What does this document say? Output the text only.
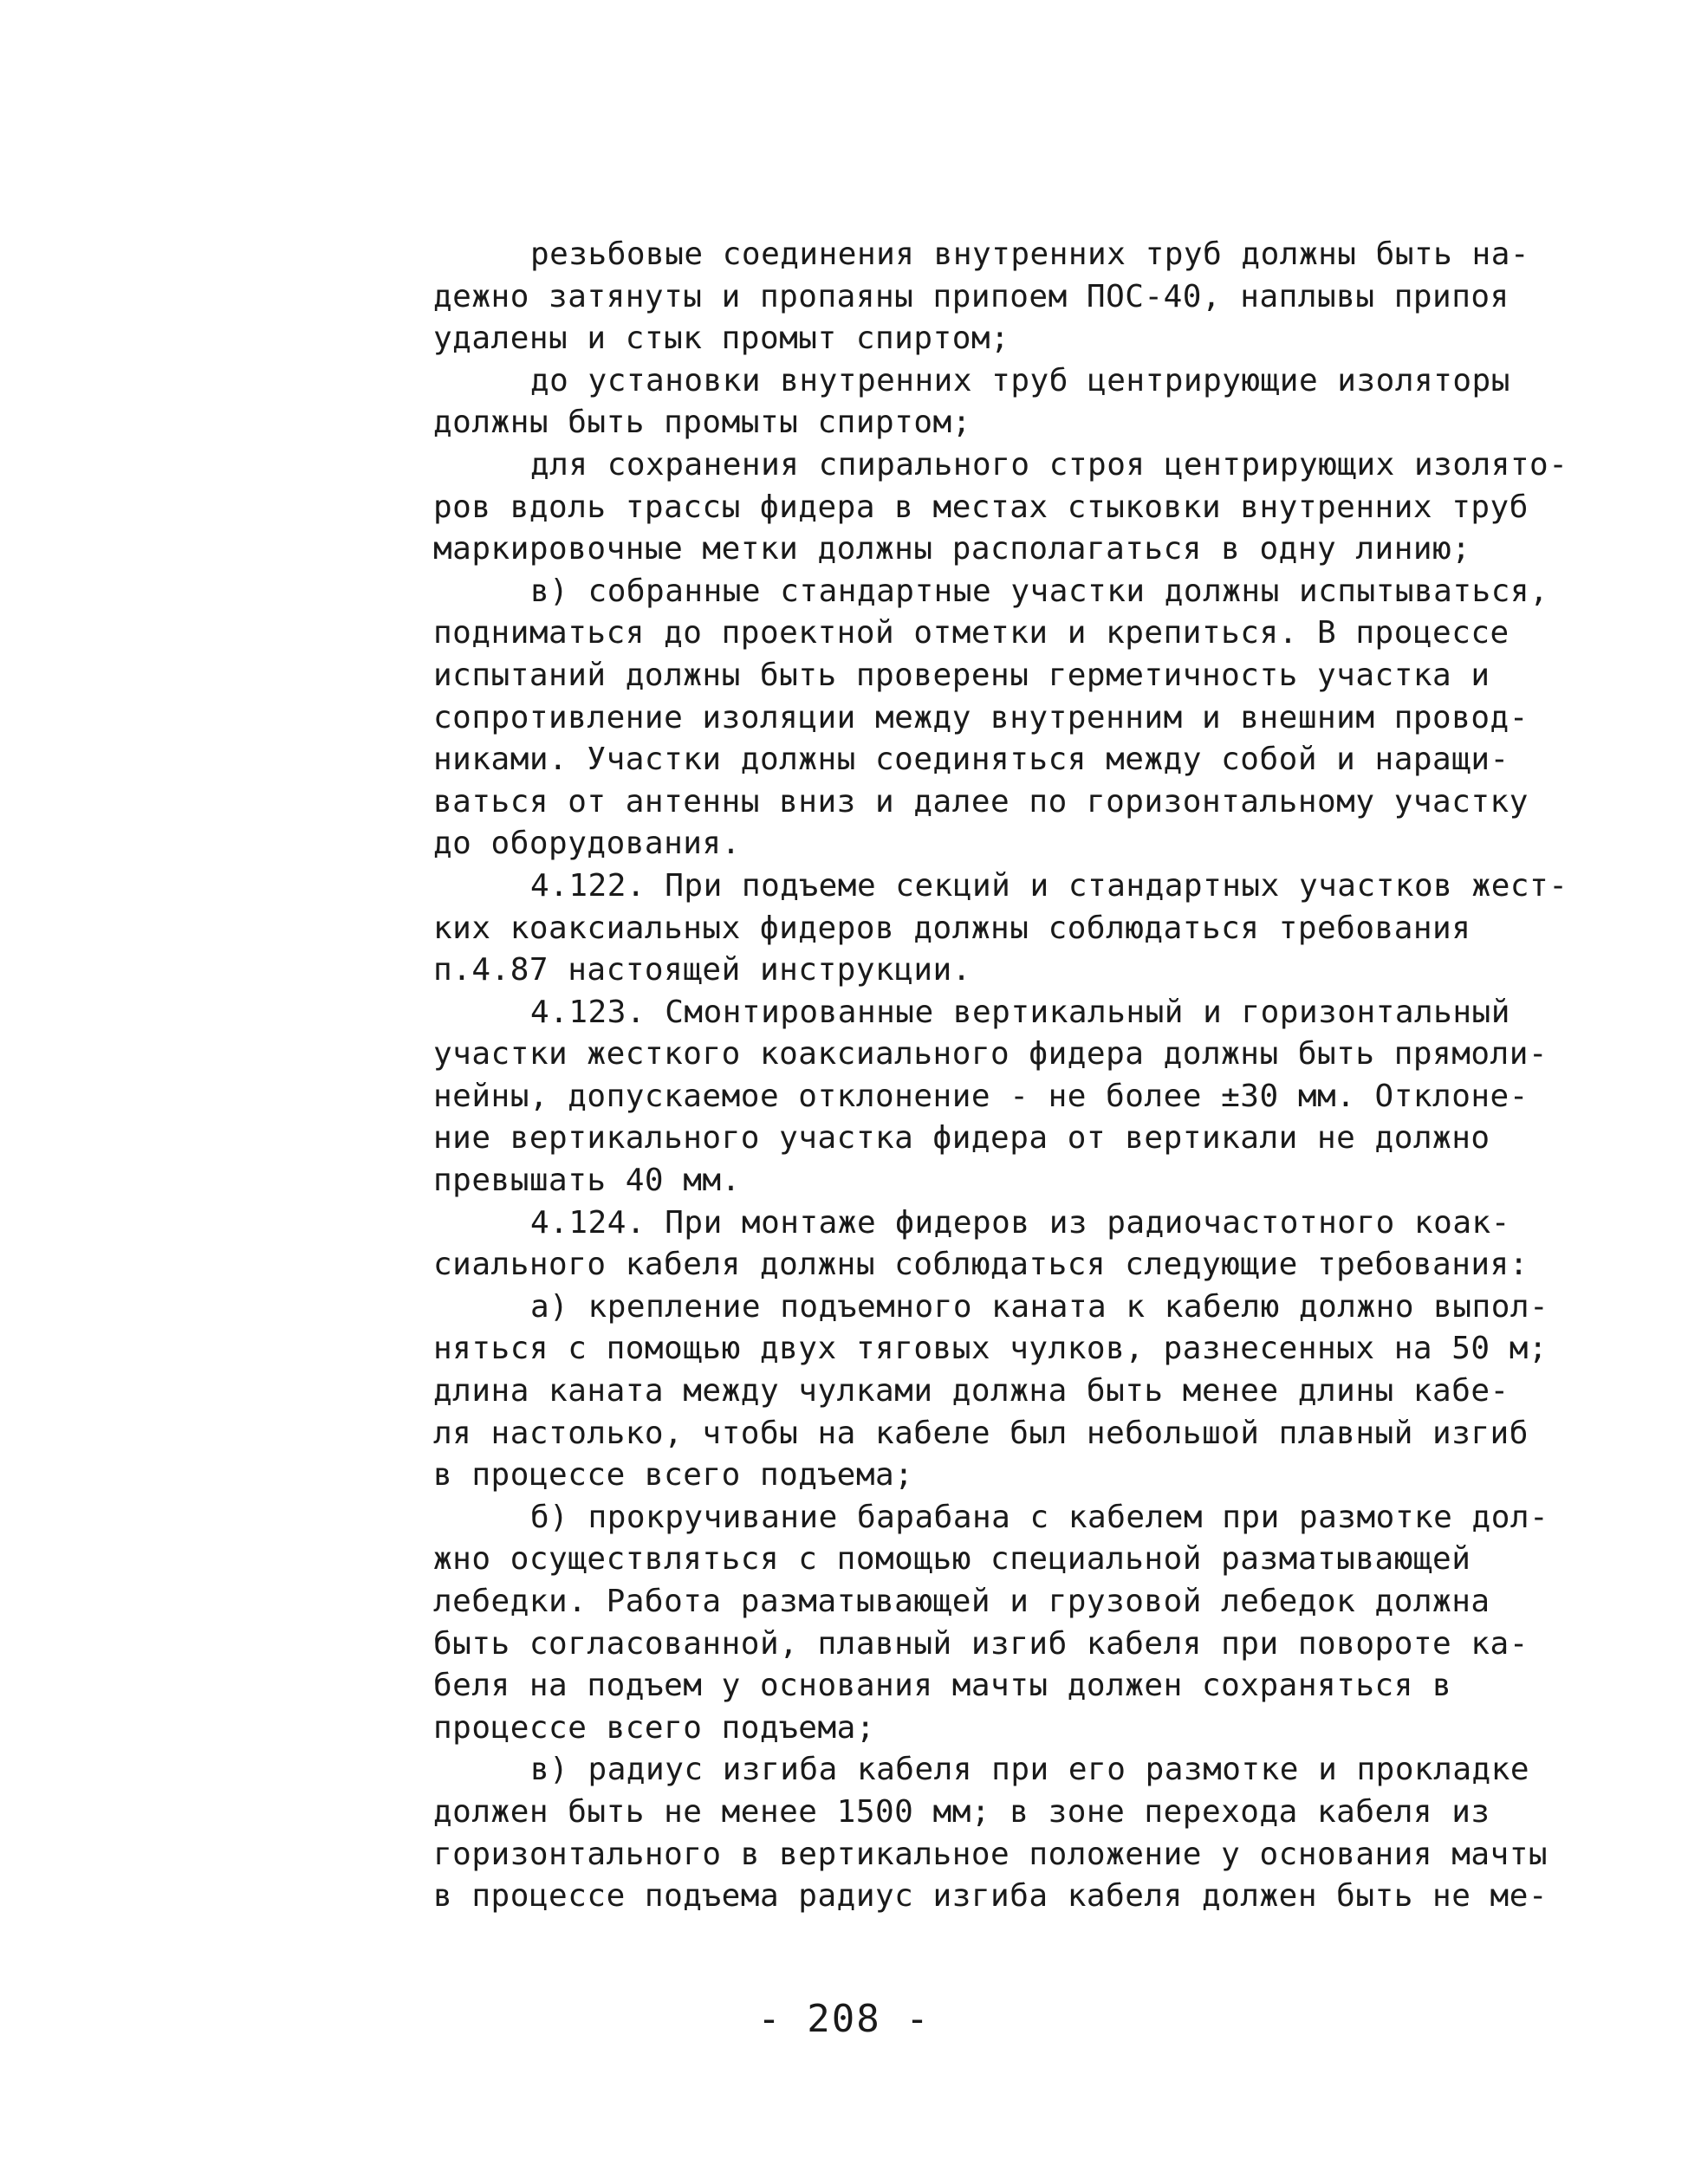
резьбовые соединения внутренних труб должны быть на-
дежно затянуты и пропаяны припоем ПОС-40, наплывы припоя
удалены и стык промыт спиртом;
до установки внутренних труб центрирующие изоляторы
должны быть промыты спиртом;
для сохранения спирального строя центрирующих изолято-
ров вдоль трассы фидера в местах стыковки внутренних труб
маркировочные метки должны располагаться в одну линию;
в) собранные стандартные участки должны испытываться,
подниматься до проектной отметки и крепиться. В процессе
испытаний должны быть проверены герметичность участка и
сопротивление изоляции между внутренним и внешним провод-
никами. Участки должны соединяться между собой и наращи-
ваться от антенны вниз и далее по горизонтальному участку
до оборудования.
4.122. При подъеме секций и стандартных участков жест-
ких коаксиальных фидеров должны соблюдаться требования
п.4.87 настоящей инструкции.
4.123. Смонтированные вертикальный и горизонтальный
участки жесткого коаксиального фидера должны быть прямоли-
нейны, допускаемое отклонение - не более ±30 мм. Отклоне-
ние вертикального участка фидера от вертикали не должно
превышать 40 мм.
4.124. При монтаже фидеров из радиочастотного коак-
сиального кабеля должны соблюдаться следующие требования:
а) крепление подъемного каната к кабелю должно выпол-
няться с помощью двух тяговых чулков, разнесенных на 50 м;
длина каната между чулками должна быть менее длины кабе-
ля настолько, чтобы на кабеле был небольшой плавный изгиб
в процессе всего подъема;
б) прокручивание барабана с кабелем при размотке дол-
жно осуществляться с помощью специальной разматывающей
лебедки. Работа разматывающей и грузовой лебедок должна
быть согласованной, плавный изгиб кабеля при повороте ка-
беля на подъем у основания мачты должен сохраняться в
процессе всего подъема;
в) радиус изгиба кабеля при его размотке и прокладке
должен быть не менее 1500 мм; в зоне перехода кабеля из
горизонтального в вертикальное положение у основания мачты
в процессе подъема радиус изгиба кабеля должен быть не ме-
- 208 -
